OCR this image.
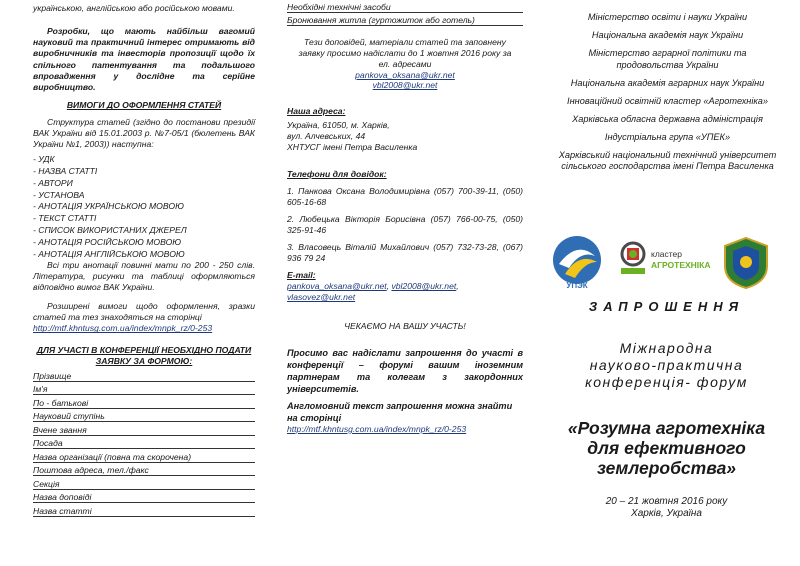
українською, англійською або російською мовами.

Розробки, що мають найбільш вагомий науковий та практичний інтерес отримають від виробничників та інвесторів пропозиції щодо їх спільного патентування та подальшого впровадження у дослідне та серійне виробництво.

ВИМОГИ ДО ОФОРМЛЕННЯ СТАТЕЙ

Структура статей (згідно до постанови президії ВАК України від 15.01.2003 р. №7-05/1 (бюлетень ВАК України №1, 2003)) наступна:

- УДК
- НАЗВА СТАТТІ
- АВТОРИ
- УСТАНОВА
- АНОТАЦІЯ УКРАЇНСЬКОЮ МОВОЮ
- ТЕКСТ СТАТТІ
- СПИСОК ВИКОРИСТАНИХ ДЖЕРЕЛ
- АНОТАЦІЯ РОСІЙСЬКОЮ МОВОЮ
- АНОТАЦІЯ АНГЛІЙСЬКОЮ МОВОЮ

Всі три анотації повинні мати по 200 - 250 слів. Література, рисунки та таблиці оформляються відповідно вимог ВАК України.

Розширені вимоги щодо оформлення, зразки статей та тез знаходяться на сторінці

http://mtf.khntusg.com.ua/index/mnpk_rz/0-253

ДЛЯ УЧАСТІ В КОНФЕРЕНЦІЇ НЕОБХІДНО ПОДАТИ ЗАЯВКУ ЗА ФОРМОЮ:

Прізвище
Ім'я
По - батькові
Науковий ступінь
Вчене звання
Посада
Назва організації (повна та скорочена)
Поштова адреса, тел./факс
Секція
Назва доповіді
Назва статті
Необхідні технічні засоби
Бронювання житла (гуртожиток або готель)

Тези доповідей, матеріали статей та заповнену заявку просимо надіслати до 1 жовтня 2016 року за ел. адресами

pankova_oksana@ukr.net
vbl2008@ukr.net

Наша адреса:

Україна, 61050, м. Харків,

вул. Алчевських, 44

ХНТУСГ імені Петра Василенка

Телефони для довідок:

1. Панкова Оксана Володимирівна (057) 700-39-11, (050) 605-16-68

2. Любецька Вікторія Борисівна (057) 766-00-75, (050) 325-91-46

3. Власовець Віталій Михайлович (057) 732-73-28, (067) 936 79 24

E-mail:

pankova_oksana@ukr.net, vbl2008@ukr.net,

vlasovez@ukr.net

ЧЕКАЄМО НА ВАШУ УЧАСТЬ!

Просимо вас надіслати запрошення до участі в конференції – форумі вашим іноземним партнерам та колегам з закордонних університетів.

Англомовний текст запрошення можна знайти на сторінці

http://mtf.khntusg.com.ua/index/mnpk_rz/0-253

Міністерство освіти і науки України

Національна академія наук України

Міністерство аграрної політики та продовольства України

Національна академія аграрних наук України

Інноваційний освітній кластер «Агротехніка»

Харківська обласна державна адміністрація

Індустріальна група «УПЕК»

Харківський національний технічний університет сільського господарства імені Петра Василенка

УПЭК
кластер
АГРОТЕХНІКА

ЗАПРОШЕННЯ

Міжнародна

науково-практична

конференція- форум

«Розумна агротехніка

для ефективного

землеробства»

20 – 21 жовтня 2016 року

Харків, Україна
